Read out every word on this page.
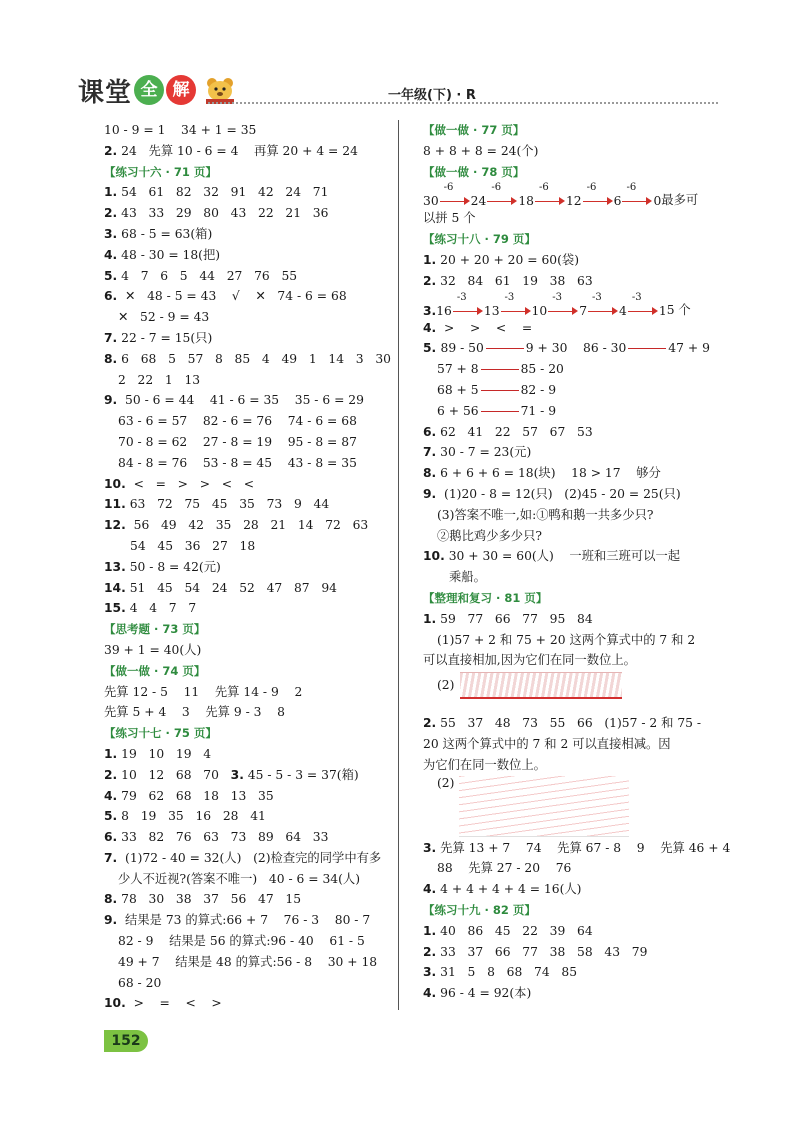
课 堂 全 解	一年级(下) · R
10 - 9 = 1    34 + 1 = 35
2. 24   先算 10 - 6 = 4    再算 20 + 4 = 24
【练习十六 · 71 页】
1. 54   61   82   32   91   42   24   71
2. 43   33   29   80   43   22   21   36
3. 68 - 5 = 63(箱)
4. 48 - 30 = 18(把)
5. 4   7   6   5   44   27   76   55
6.  ✕   48 - 5 = 43    √    ✕   74 - 6 = 68
✕   52 - 9 = 43
7. 22 - 7 = 15(只)
8. 6   68   5   57   8   85   4   49   1   14   3   30
2   22   1   13
9.  50 - 6 = 44    41 - 6 = 35    35 - 6 = 29
63 - 6 = 57    82 - 6 = 76    74 - 6 = 68
70 - 8 = 62    27 - 8 = 19    95 - 8 = 87
84 - 8 = 76    53 - 8 = 45    43 - 8 = 35
10.  <   =   >   >   <   <
11. 63   72   75   45   35   73   9   44
12.  56   49   42   35   28   21   14   72   63
54   45   36   27   18
13. 50 - 8 = 42(元)
14. 51   45   54   24   52   47   87   94
15. 4   4   7   7
【思考题 · 73 页】
39 + 1 = 40(人)
【做一做 · 74 页】
先算 12 - 5    11    先算 14 - 9    2
先算 5 + 4    3    先算 9 - 3    8
【练习十七 · 75 页】
1. 19   10   19   4
2. 10   12   68   70   3. 45 - 5 - 3 = 37(箱)
4. 79   62   68   18   13   35
5. 8   19   35   16   28   41
6. 33   82   76   63   73   89   64   33
7.  (1)72 - 40 = 32(人)   (2)检查完的同学中有多
少人不近视?(答案不唯一)   40 - 6 = 34(人)
8. 78   30   38   37   56   47   15
9.  结果是 73 的算式:66 + 7    76 - 3    80 - 7
82 - 9    结果是 56 的算式:96 - 40    61 - 5
49 + 7    结果是 48 的算式:56 - 8    30 + 18
68 - 20
10.  >    =    <    >
【做一做 · 77 页】
8 + 8 + 8 = 24(个)
【做一做 · 78 页】
30
-6
24
-6
18
-6
12
-6
6
-6
0 最多可
以拼 5 个
【练习十八 · 79 页】
1. 20 + 20 + 20 = 60(袋)
2. 32   84   61   19   38   63
3. 16
-3
13
-3
10
-3
7
-3
4
-3
1 5 个
4.  >    >    <    =
5. 89 - 50	9 + 30    86 - 30	47 + 9
57 + 8	85 - 20
68 + 5	82 - 9
6 + 56	71 - 9
6. 62   41   22   57   67   53
7. 30 - 7 = 23(元)
8. 6 + 6 + 6 = 18(块)    18 > 17    够分
9.  (1)20 - 8 = 12(只)   (2)45 - 20 = 25(只)
(3)答案不唯一,如:①鸭和鹅一共多少只?
②鹅比鸡少多少只?
10. 30 + 30 = 60(人)    一班和三班可以一起
乘船。
【整理和复习 · 81 页】
1. 59   77   66   77   95   84
(1)57 + 2 和 75 + 20 这两个算式中的 7 和 2
可以直接相加,因为它们在同一数位上。
(2)
2. 55   37   48   73   55   66   (1)57 - 2 和 75 -
20 这两个算式中的 7 和 2 可以直接相减。因
为它们在同一数位上。
(2)
3. 先算 13 + 7    74    先算 67 - 8    9    先算 46 + 4
88    先算 27 - 20    76
4. 4 + 4 + 4 + 4 = 16(人)
【练习十九 · 82 页】
1. 40   86   45   22   39   64
2. 33   37   66   77   38   58   43   79
3. 31   5   8   68   74   85
4. 96 - 4 = 92(本)
152
